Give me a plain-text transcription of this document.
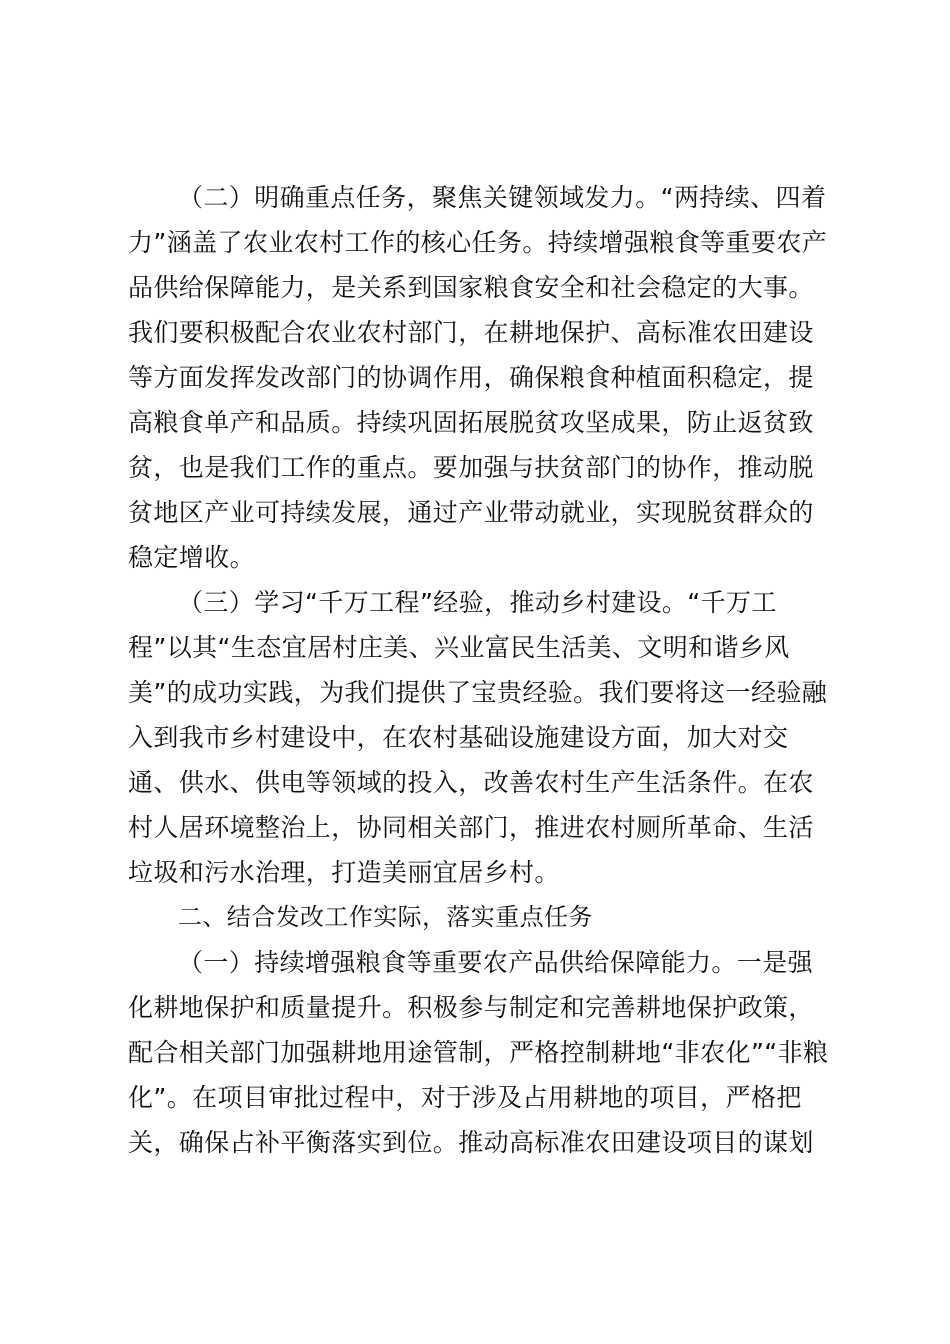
（二）明确重点任务，聚焦关键领域发力。“两持续、四着
力”涵盖了农业农村工作的核心任务。持续增强粮食等重要农产
品供给保障能力，是关系到国家粮食安全和社会稳定的大事。
我们要积极配合农业农村部门，在耕地保护、高标准农田建设
等方面发挥发改部门的协调作用，确保粮食种植面积稳定，提
高粮食单产和品质。持续巩固拓展脱贫攻坚成果，防止返贫致
贫，也是我们工作的重点。要加强与扶贫部门的协作，推动脱
贫地区产业可持续发展，通过产业带动就业，实现脱贫群众的
稳定增收。
（三）学习“千万工程”经验，推动乡村建设。“千万工
程”以其“生态宜居村庄美、兴业富民生活美、文明和谐乡风
美”的成功实践，为我们提供了宝贵经验。我们要将这一经验融
入到我市乡村建设中，在农村基础设施建设方面，加大对交
通、供水、供电等领域的投入，改善农村生产生活条件。在农
村人居环境整治上，协同相关部门，推进农村厕所革命、生活
垃圾和污水治理，打造美丽宜居乡村。
二、结合发改工作实际，落实重点任务
（一）持续增强粮食等重要农产品供给保障能力。一是强
化耕地保护和质量提升。积极参与制定和完善耕地保护政策，
配合相关部门加强耕地用途管制，严格控制耕地“非农化”“非粮
化”。在项目审批过程中，对于涉及占用耕地的项目，严格把
关，确保占补平衡落实到位。推动高标准农田建设项目的谋划
